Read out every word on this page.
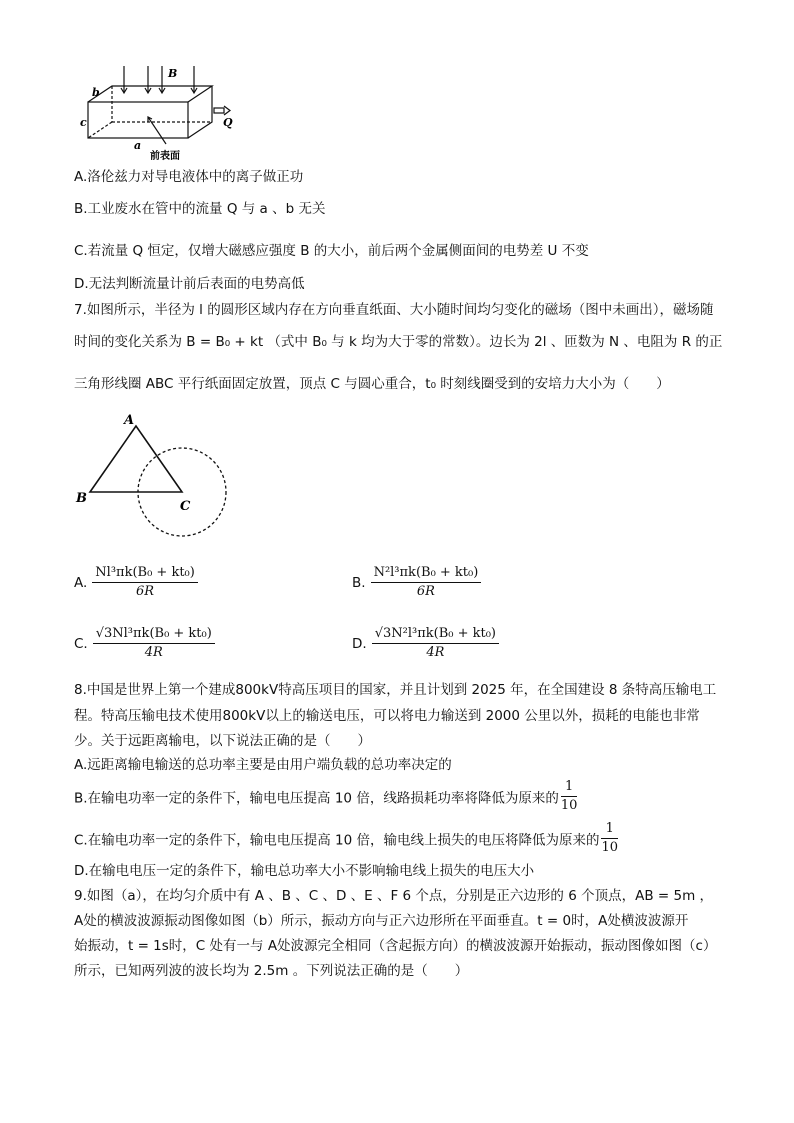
b
c
a
B
Q
前表面
A.洛伦兹力对导电液体中的离子做正功
B.工业废水在管中的流量 Q 与 a 、b 无关
C.若流量 Q 恒定，仅增大磁感应强度 B 的大小，前后两个金属侧面间的电势差 U 不变
D.无法判断流量计前后表面的电势高低
7.如图所示，半径为 l 的圆形区域内存在方向垂直纸面、大小随时间均匀变化的磁场（图中未画出），磁场随
时间的变化关系为 B = B₀ + kt （式中 B₀ 与 k 均为大于零的常数）。边长为 2l 、匝数为 N 、电阻为 R 的正
三角形线圈 ABC 平行纸面固定放置，顶点 C 与圆心重合，t₀ 时刻线圈受到的安培力大小为（　　）
A
B
C
A. $\frac{\text{Nl³πk(B₀ + kt₀)}}{6R}$	B. $\frac{\text{N²l³πk(B₀ + kt₀)}}{6R}$
C. $\frac{\text{√3Nl³πk(B₀ + kt₀)}}{4R}$	D. $\frac{\text{√3N²l³πk(B₀ + kt₀)}}{4R}$
8.中国是世界上第一个建成800kV特高压项目的国家，并且计划到 2025 年，在全国建设 8 条特高压输电工
程。特高压输电技术使用800kV以上的输送电压，可以将电力输送到 2000 公里以外，损耗的电能也非常
少。关于远距离输电，以下说法正确的是（　　）
A.远距离输电输送的总功率主要是由用户端负载的总功率决定的
B.在输电功率一定的条件下，输电电压提高 10 倍，线路损耗功率将降低为原来的 $\frac{1}{10}$
C.在输电功率一定的条件下，输电电压提高 10 倍，输电线上损失的电压将降低为原来的 $\frac{1}{10}$
D.在输电电压一定的条件下，输电总功率大小不影响输电线上损失的电压大小
9.如图（a），在均匀介质中有 A 、B 、C 、D 、E 、F 6 个点，分别是正六边形的 6 个顶点，AB = 5m ，
A处的横波波源振动图像如图（b）所示，振动方向与正六边形所在平面垂直。t = 0时，A处横波波源开
始振动，t = 1s时，C 处有一与 A处波源完全相同（含起振方向）的横波波源开始振动，振动图像如图（c）
所示，已知两列波的波长均为 2.5m 。下列说法正确的是（　　）
